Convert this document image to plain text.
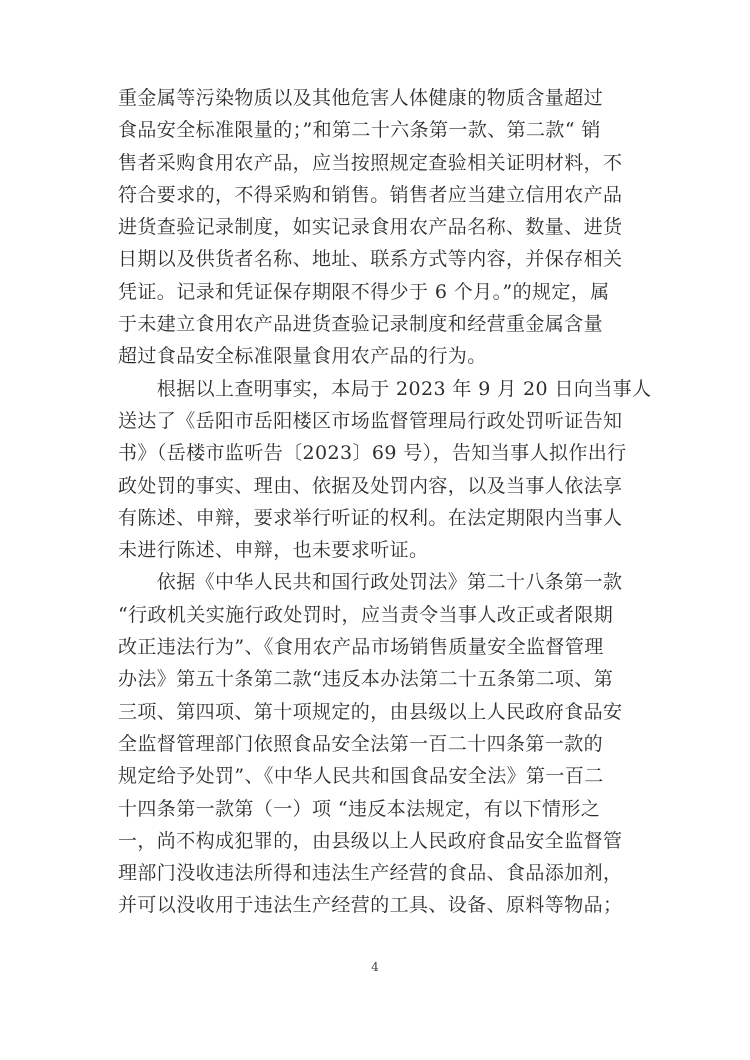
重金属等污染物质以及其他危害人体健康的物质含量超过
食品安全标准限量的；”和第二十六条第一款、第二款“ 销
售者采购食用农产品，应当按照规定查验相关证明材料，不
符合要求的，不得采购和销售。销售者应当建立信用农产品
进货查验记录制度，如实记录食用农产品名称、数量、进货
日期以及供货者名称、地址、联系方式等内容，并保存相关
凭证。记录和凭证保存期限不得少于 6 个月。”的规定，属
于未建立食用农产品进货查验记录制度和经营重金属含量
超过食品安全标准限量食用农产品的行为。
　　根据以上查明事实，本局于 2023 年 9 月 20 日向当事人
送达了《岳阳市岳阳楼区市场监督管理局行政处罚听证告知
书》（岳楼市监听告〔2023〕69 号），告知当事人拟作出行
政处罚的事实、理由、依据及处罚内容，以及当事人依法享
有陈述、申辩，要求举行听证的权利。在法定期限内当事人
未进行陈述、申辩，也未要求听证。
　　依据《中华人民共和国行政处罚法》第二十八条第一款
“行政机关实施行政处罚时，应当责令当事人改正或者限期
改正违法行为”、《食用农产品市场销售质量安全监督管理
办法》第五十条第二款“违反本办法第二十五条第二项、第
三项、第四项、第十项规定的，由县级以上人民政府食品安
全监督管理部门依照食品安全法第一百二十四条第一款的
规定给予处罚”、《中华人民共和国食品安全法》第一百二
十四条第一款第（一）项 “违反本法规定，有以下情形之
一，尚不构成犯罪的，由县级以上人民政府食品安全监督管
理部门没收违法所得和违法生产经营的食品、食品添加剂，
并可以没收用于违法生产经营的工具、设备、原料等物品；
4
